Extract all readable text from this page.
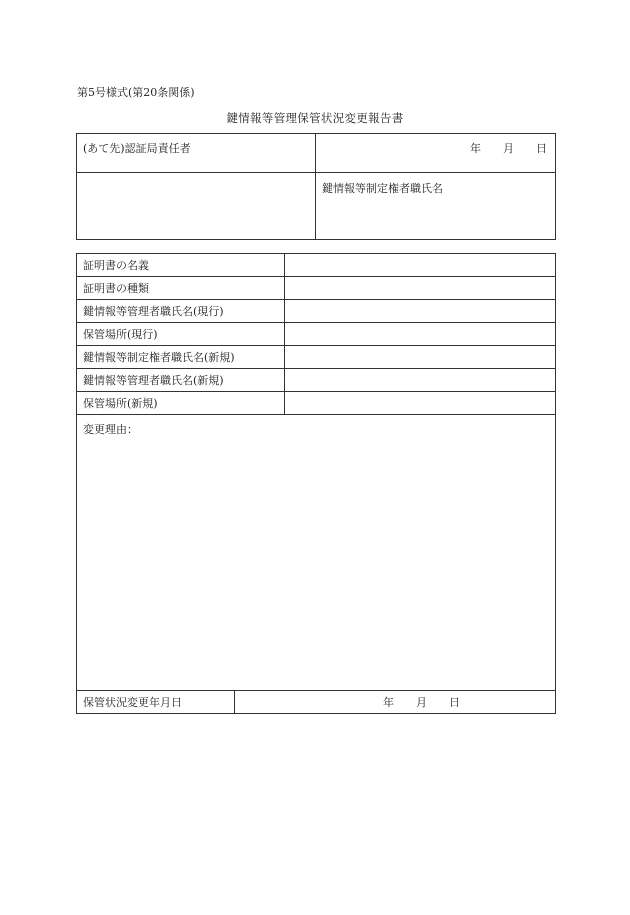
第5号様式(第20条関係)
鍵情報等管理保管状況変更報告書
(あて先)認証局責任者	年 月 日
	鍵情報等制定権者職氏名
証明書の名義		
証明書の種類		
鍵情報等管理者職氏名(現行)		
保管場所(現行)		
鍵情報等制定権者職氏名(新規)		
鍵情報等管理者職氏名(新規)		
保管場所(新規)		
変更理由：		
保管状況変更年月日	年 月 日	
